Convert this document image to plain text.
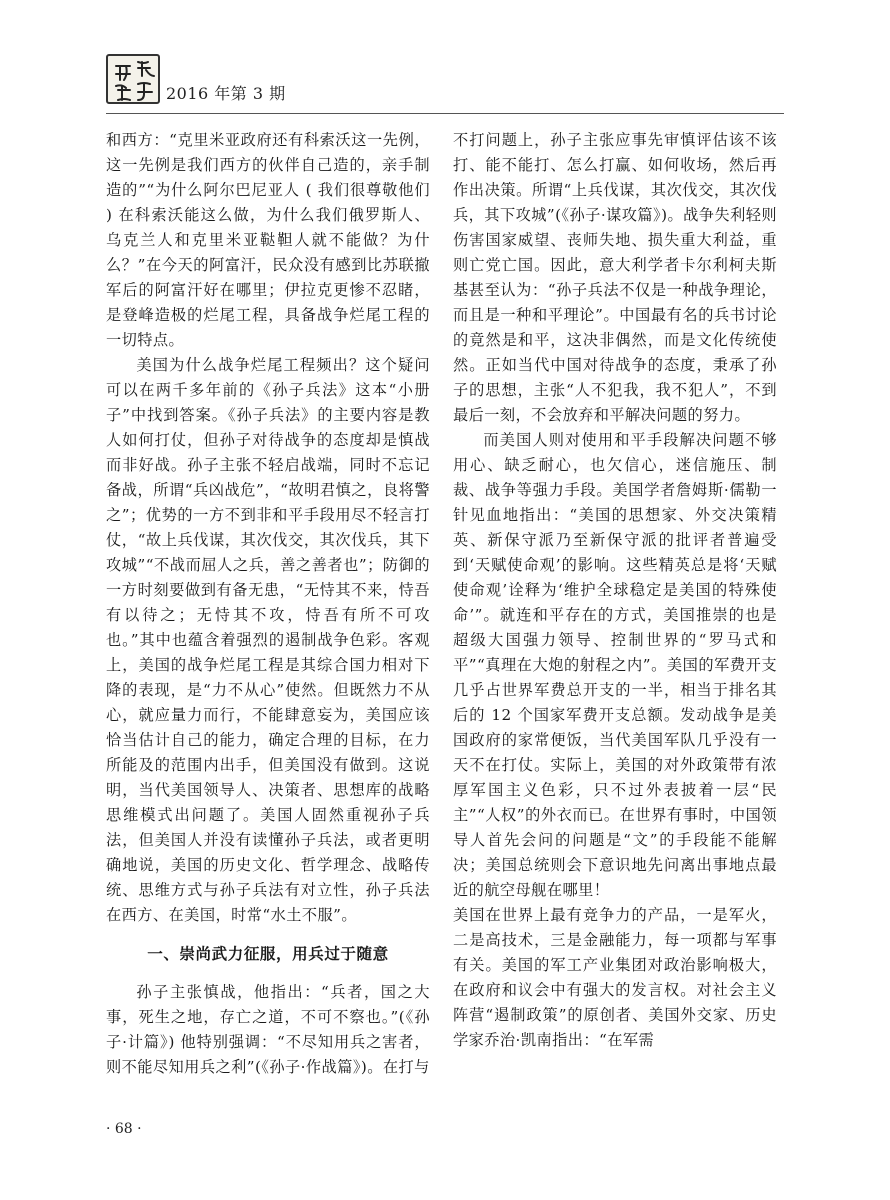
2016 年第 3 期

和西方：“克里米亚政府还有科索沃这一先例，这一先例是我们西方的伙伴自己造的，亲手制造的”“为什么阿尔巴尼亚人 ( 我们很尊敬他们 ) 在科索沃能这么做，为什么我们俄罗斯人、乌克兰人和克里米亚鞑靼人就不能做？为什么？”在今天的阿富汗，民众没有感到比苏联撤军后的阿富汗好在哪里；伊拉克更惨不忍睹，是登峰造极的烂尾工程，具备战争烂尾工程的一切特点。

美国为什么战争烂尾工程频出？这个疑问可以在两千多年前的《孙子兵法》这本“小册子”中找到答案。《孙子兵法》的主要内容是教人如何打仗，但孙子对待战争的态度却是慎战而非好战。孙子主张不轻启战端，同时不忘记备战，所谓“兵凶战危”，“故明君慎之，良将警之”；优势的一方不到非和平手段用尽不轻言打仗，“故上兵伐谋，其次伐交，其次伐兵，其下攻城”“不战而屈人之兵，善之善者也”；防御的一方时刻要做到有备无患，“无恃其不来，恃吾有以待之；无恃其不攻，恃吾有所不可攻也。”其中也蕴含着强烈的遏制战争色彩。客观上，美国的战争烂尾工程是其综合国力相对下降的表现，是“力不从心”使然。但既然力不从心，就应量力而行，不能肆意妄为，美国应该恰当估计自己的能力，确定合理的目标，在力所能及的范围内出手，但美国没有做到。这说明，当代美国领导人、决策者、思想库的战略思维模式出问题了。美国人固然重视孙子兵法，但美国人并没有读懂孙子兵法，或者更明确地说，美国的历史文化、哲学理念、战略传统、思维方式与孙子兵法有对立性，孙子兵法在西方、在美国，时常“水土不服”。

一、崇尚武力征服，用兵过于随意

孙子主张慎战，他指出：“兵者，国之大事，死生之地，存亡之道，不可不察也。”(《孙子·计篇》) 他特别强调：“不尽知用兵之害者，则不能尽知用兵之利”(《孙子·作战篇》)。在打与

不打问题上，孙子主张应事先审慎评估该不该打、能不能打、怎么打赢、如何收场，然后再作出决策。所谓“上兵伐谋，其次伐交，其次伐兵，其下攻城”(《孙子·谋攻篇》)。战争失利轻则伤害国家威望、丧师失地、损失重大利益，重则亡党亡国。因此，意大利学者卡尔利柯夫斯基甚至认为：“孙子兵法不仅是一种战争理论，而且是一种和平理论”。中国最有名的兵书讨论的竟然是和平，这决非偶然，而是文化传统使然。正如当代中国对待战争的态度，秉承了孙子的思想，主张“人不犯我，我不犯人”，不到最后一刻，不会放弃和平解决问题的努力。

而美国人则对使用和平手段解决问题不够用心、缺乏耐心，也欠信心，迷信施压、制裁、战争等强力手段。美国学者詹姆斯·儒勒一针见血地指出：“美国的思想家、外交决策精英、新保守派乃至新保守派的批评者普遍受到‘天赋使命观’的影响。这些精英总是将‘天赋使命观’诠释为‘维护全球稳定是美国的特殊使命’”。就连和平存在的方式，美国推崇的也是超级大国强力领导、控制世界的“罗马式和平”“真理在大炮的射程之内”。美国的军费开支几乎占世界军费总开支的一半，相当于排名其后的 12 个国家军费开支总额。发动战争是美国政府的家常便饭，当代美国军队几乎没有一天不在打仗。实际上，美国的对外政策带有浓厚军国主义色彩，只不过外表披着一层“民主”“人权”的外衣而已。在世界有事时，中国领导人首先会问的问题是“文”的手段能不能解决；美国总统则会下意识地先问离出事地点最近的航空母舰在哪里！

美国在世界上最有竞争力的产品，一是军火，二是高技术，三是金融能力，每一项都与军事有关。美国的军工产业集团对政治影响极大，在政府和议会中有强大的发言权。对社会主义阵营“遏制政策”的原创者、美国外交家、历史学家乔治·凯南指出：“在军需

· 68 ·
